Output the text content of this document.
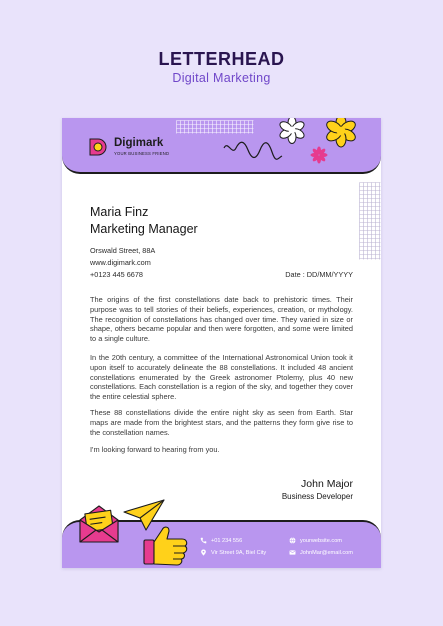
LETTERHEAD
Digital Marketing
Digimark
YOUR BUSINESS FRIEND
Maria Finz
Marketing Manager
Orswald Street, 88A
www.digimark.com
+0123 445 6678	Date : DD/MM/YYYY

The origins of the first constellations date back to prehistoric times. Their purpose was to tell stories of their beliefs, experiences, creation, or mythology. The recognition of constellations has changed over time. They varied in size or shape, others became popular and then were forgotten, and some were limited to a single culture.

In the 20th century, a committee of the International Astronomical Union took it upon itself to accurately delineate the 88 constellations. It included 48 ancient constellations enumerated by the Greek astronomer Ptolemy, plus 40 new constellations. Each constellation is a region of the sky, and together they cover the entire celestial sphere.

These 88 constellations divide the entire night sky as seen from Earth. Star maps are made from the brightest stars, and the patterns they form give rise to the constellation names.

I'm looking forward to hearing from you.
John Major
Business Developer
+01 234 556
Vir Street 9A, Biel City
yourwebsite.com
JohnMar@email.com
